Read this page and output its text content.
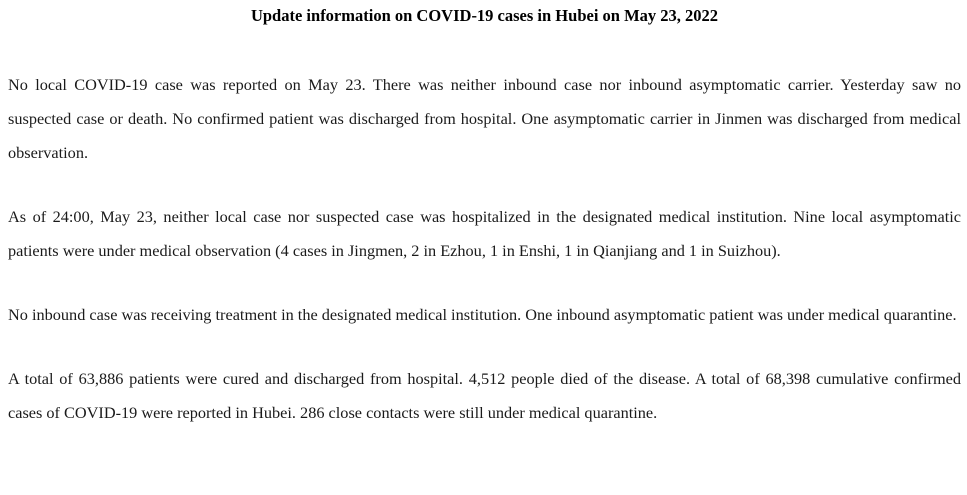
Update information on COVID-19 cases in Hubei on May 23, 2022

No local COVID-19 case was reported on May 23. There was neither inbound case nor inbound asymptomatic carrier. Yesterday saw no suspected case or death. No confirmed patient was discharged from hospital. One asymptomatic carrier in Jinmen was discharged from medical observation.

As of 24:00, May 23, neither local case nor suspected case was hospitalized in the designated medical institution. Nine local asymptomatic patients were under medical observation (4 cases in Jingmen, 2 in Ezhou, 1 in Enshi, 1 in Qianjiang and 1 in Suizhou).

No inbound case was receiving treatment in the designated medical institution. One inbound asymptomatic patient was under medical quarantine.

A total of 63,886 patients were cured and discharged from hospital. 4,512 people died of the disease. A total of 68,398 cumulative confirmed cases of COVID-19 were reported in Hubei. 286 close contacts were still under medical quarantine.
